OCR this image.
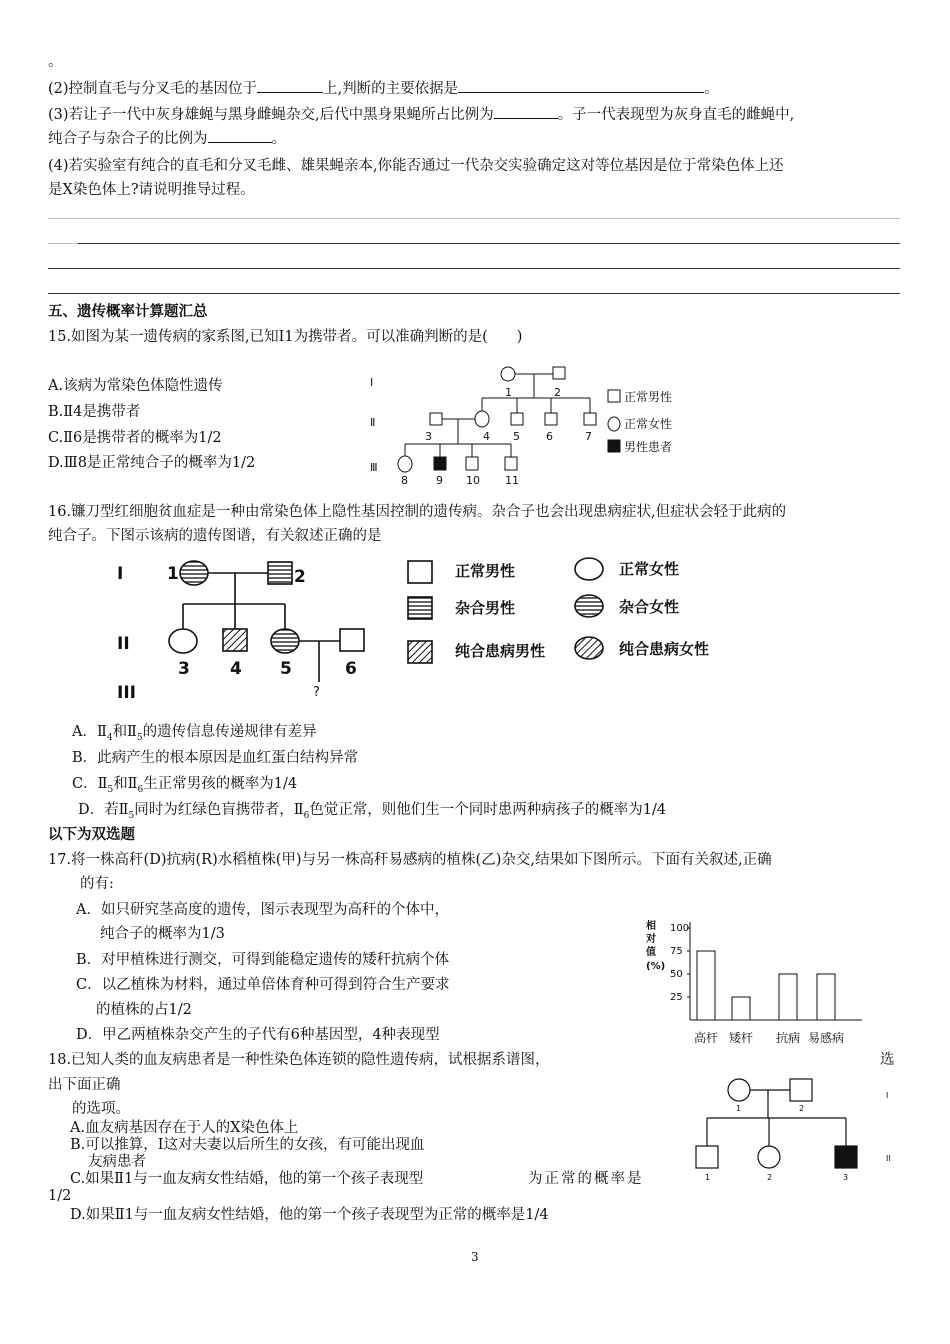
。
(2)控制直毛与分叉毛的基因位于	上,判断的主要依据是	。
(3)若让子一代中灰身雄蝇与黑身雌蝇杂交,后代中黑身果蝇所占比例为	。子一代表现型为灰身直毛的雌蝇中,
纯合子与杂合子的比例为	。
(4)若实验室有纯合的直毛和分叉毛雌、雄果蝇亲本,你能否通过一代杂交实验确定这对等位基因是位于常染色体上还
是X染色体上?请说明推导过程。
五、遗传概率计算题汇总
15.如图为某一遗传病的家系图,已知Ⅰ1为携带者。可以准确判断的是(　　)
A.该病为常染色体隐性遗传
B.Ⅱ4是携带者
C.Ⅱ6是携带者的概率为1/2
D.Ⅲ8是正常纯合子的概率为1/2
Ⅰ
Ⅱ
Ⅲ
1	2
3	4 5 6	7
8	9 10 11
正常男性
正常女性
男性患者
16.镰刀型红细胞贫血症是一种由常染色体上隐性基因控制的遗传病。杂合子也会出现患病症状,但症状会轻于此病的
纯合子。下图示该病的遗传图谱，有关叙述正确的是
I
II
III
1	2
3 4 5	6
?
正常男性	正常女性
杂合男性	杂合女性
纯合患病男性	纯合患病女性
A．$Ⅱ_4$和$Ⅱ_5$的遗传信息传递规律有差异
B．此病产生的根本原因是血红蛋白结构异常
C．$Ⅱ_5$和$Ⅱ_6$生正常男孩的概率为1/4
D．若$Ⅱ_5$同时为红绿色盲携带者，$Ⅱ_6$色觉正常，则他们生一个同时患两种病孩子的概率为1/4
以下为双选题
17.将一株高秆(D)抗病(R)水稻植株(甲)与另一株高秆易感病的植株(乙)杂交,结果如下图所示。下面有关叙述,正确
的有:
A．如只研究茎高度的遗传，图示表现型为高秆的个体中，
纯合子的概率为1/3
B．对甲植株进行测交，可得到能稳定遗传的矮秆抗病个体
C．以乙植株为材料，通过单倍体育种可得到符合生产要求
的植株的占1/2
D．甲乙两植株杂交产生的子代有6种基因型，4种表现型
相
对
值
(%)
25
50
75
100
高杆 矮杆 抗病 易感病
18.已知人类的血友病患者是一种性染色体连锁的隐性遗传病，试根据系谱图，	选
出下面正确
的选项。
A.血友病基因存在于人的X染色体上
B.可以推算，Ⅰ这对夫妻以后所生的女孩，有可能出现血
友病患者
C.如果Ⅱ1与一血友病女性结婚，他的第一个孩子表现型	为正常的概率是
1/2
D.如果Ⅱ1与一血友病女性结婚，他的第一个孩子表现型为正常的概率是1/4
I
II
1	2
1	2	3
3
